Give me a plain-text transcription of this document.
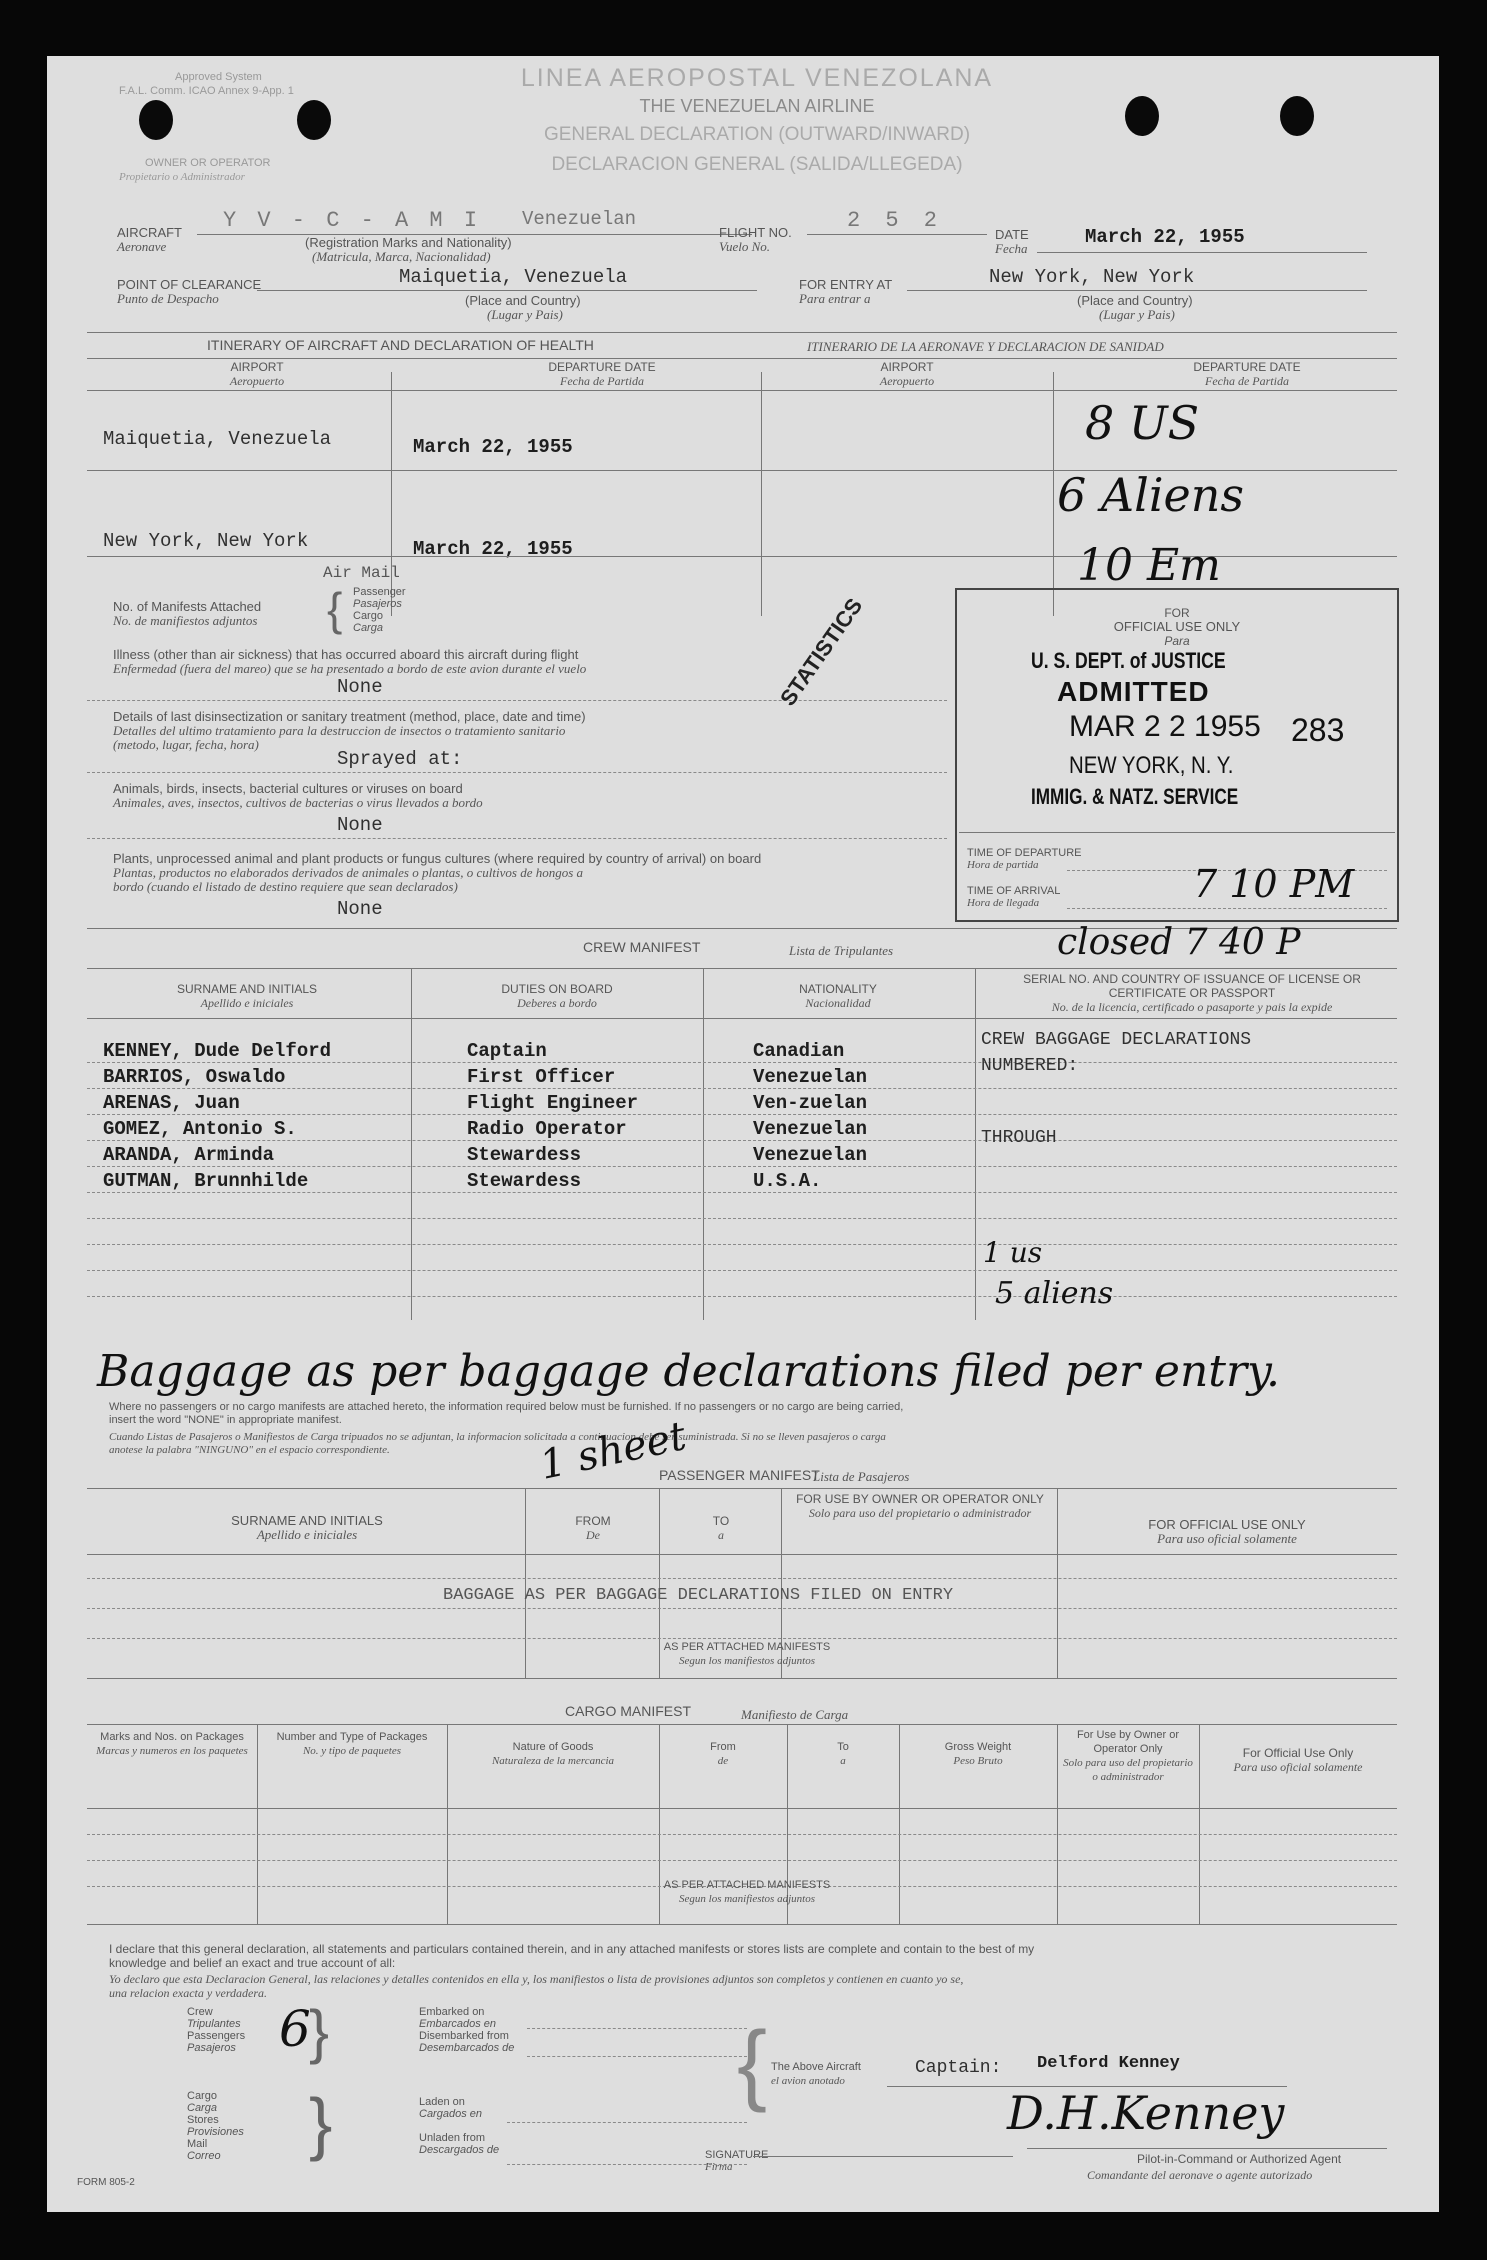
Approved System
F.A.L. Comm. ICAO Annex 9-App. 1	LINEA AEROPOSTAL VENEZOLANA
THE VENEZUELAN AIRLINE
GENERAL DECLARATION (OUTWARD/INWARD)
DECLARACION GENERAL (SALIDA/LLEGEDA)
OWNER OR OPERATOR
Propietario o Administrador
AIRCRAFT
Aeronave
Y V - C - A M I Venezuelan
(Registration Marks and Nationality)
(Matricula, Marca, Nacionalidad)
FLIGHT NO.
Vuelo No.
2 5 2
DATE
Fecha
March 22, 1955
POINT OF CLEARANCE
Punto de Despacho
Maiquetia, Venezuela
(Place and Country)
(Lugar y Pais)
FOR ENTRY AT
Para entrar a
New York, New York
(Place and Country)
(Lugar y Pais)
ITINERARY OF AIRCRAFT AND DECLARATION OF HEALTH	ITINERARIO DE LA AERONAVE Y DECLARACION DE SANIDAD
AIRPORT
Aeropuerto
DEPARTURE DATE
Fecha de Partida
AIRPORT
Aeropuerto
DEPARTURE DATE
Fecha de Partida
Maiquetia, Venezuela	March 22, 1955
New York, New York	March 22, 1955
Air Mail
No. of Manifests Attached
No. de manifiestos adjuntos { Passenger
Pasajeros
Cargo
Carga
Illness (other than air sickness) that has occurred aboard this aircraft during flight
Enfermedad (fuera del mareo) que se ha presentado a bordo de este avion durante el vuelo
None
Details of last disinsectization or sanitary treatment (method, place, date and time)
Detalles del ultimo tratamiento para la destruccion de insectos o tratamiento sanitario
(metodo, lugar, fecha, hora)
Sprayed at:
Animals, birds, insects, bacterial cultures or viruses on board
Animales, aves, insectos, cultivos de bacterias o virus llevados a bordo
None
Plants, unprocessed animal and plant products or fungus cultures (where required by country of arrival) on board
Plantas, productos no elaborados derivados de animales o plantas, o cultivos de hongos a
bordo (cuando el listado de destino requiere que sean declarados)
None
STATISTICS
8 US
6 Aliens
10 Em
FOR
OFFICIAL USE ONLY
Para
U. S. DEPT. of JUSTICE
ADMITTED
MAR 2 2 1955 283
NEW YORK, N. Y.
IMMIG. & NATZ. SERVICE
TIME OF DEPARTURE
Hora de partida
TIME OF ARRIVAL
Hora de llegada	7 10 PM
CREW MANIFEST	Lista de Tripulantes	closed 7 40 P
SURNAME AND INITIALS
Apellido e iniciales
DUTIES ON BOARD
Deberes a bordo
NATIONALITY
Nacionalidad
SERIAL NO. AND COUNTRY OF ISSUANCE OF LICENSE OR CERTIFICATE OR PASSPORT
No. de la licencia, certificado o pasaporte y pais la expide
KENNEY, Dude Delford	Captain	Canadian
BARRIOS, Oswaldo	First Officer	Venezuelan
ARENAS, Juan	Flight Engineer	Ven-zuelan
GOMEZ, Antonio S.	Radio Operator	Venezuelan
ARANDA, Arminda	Stewardess	Venezuelan
GUTMAN, Brunnhilde	Stewardess	U.S.A.
CREW BAGGAGE DECLARATIONS
NUMBERED:
THROUGH
1 us
5 aliens
Baggage as per baggage declarations filed per entry.
Where no passengers or no cargo manifests are attached hereto, the information required below must be furnished. If no passengers or no cargo are being carried,
insert the word "NONE" in appropriate manifest.
Cuando Listas de Pasajeros o Manifiestos de Carga tripuados no se adjuntan, la informacion solicitada a continuacion debe ser suministrada. Si no se lleven pasajeros o carga
anotese la palabra "NINGUNO" en el espacio correspondiente.	1 sheet
PASSENGER MANIFEST
Lista de Pasajeros
SURNAME AND INITIALS
Apellido e iniciales
FROM
De
TO
a
FOR USE BY OWNER OR OPERATOR ONLY
Solo para uso del propietario o administrador
FOR OFFICIAL USE ONLY
Para uso oficial solamente
BAGGAGE AS PER BAGGAGE DECLARATIONS FILED ON ENTRY
AS PER ATTACHED MANIFESTS
Segun los manifiestos adjuntos
CARGO MANIFEST	Manifiesto de Carga
Marks and Nos. on Packages
Marcas y numeros en los paquetes
Number and Type of Packages
No. y tipo de paquetes	Nature of Goods
Naturaleza de la mercancia
From
de
To
a
Gross Weight
Peso Bruto
For Use by Owner or Operator Only
Solo para uso del propietario o administrador
For Official Use Only
Para uso oficial solamente
AS PER ATTACHED MANIFESTS
Segun los manifiestos adjuntos
I declare that this general declaration, all statements and particulars contained therein, and in any attached manifests or stores lists are complete and contain to the best of my
knowledge and belief an exact and true account of all:
Yo declaro que esta Declaracion General, las relaciones y detalles contenidos en ella y, los manifiestos o lista de provisiones adjuntos son completos y contienen en cuanto yo se,
una relacion exacta y verdadera.
Crew
Tripulantes
Passengers
Pasajeros 6
}	Embarked on
Embarcados en
Disembarked from
Desembarcados de
Cargo
Carga
Stores
Provisiones
Mail
Correo	}	Laden on
Cargados en

Unladen from
Descargados de
{ The Above Aircraft
el avion anotado
Captain: Delford Kenney
D.H.Kenney
Pilot-in-Command or Authorized Agent
Comandante del aeronave o agente autorizado
SIGNATURE
Firma
FORM 805-2
